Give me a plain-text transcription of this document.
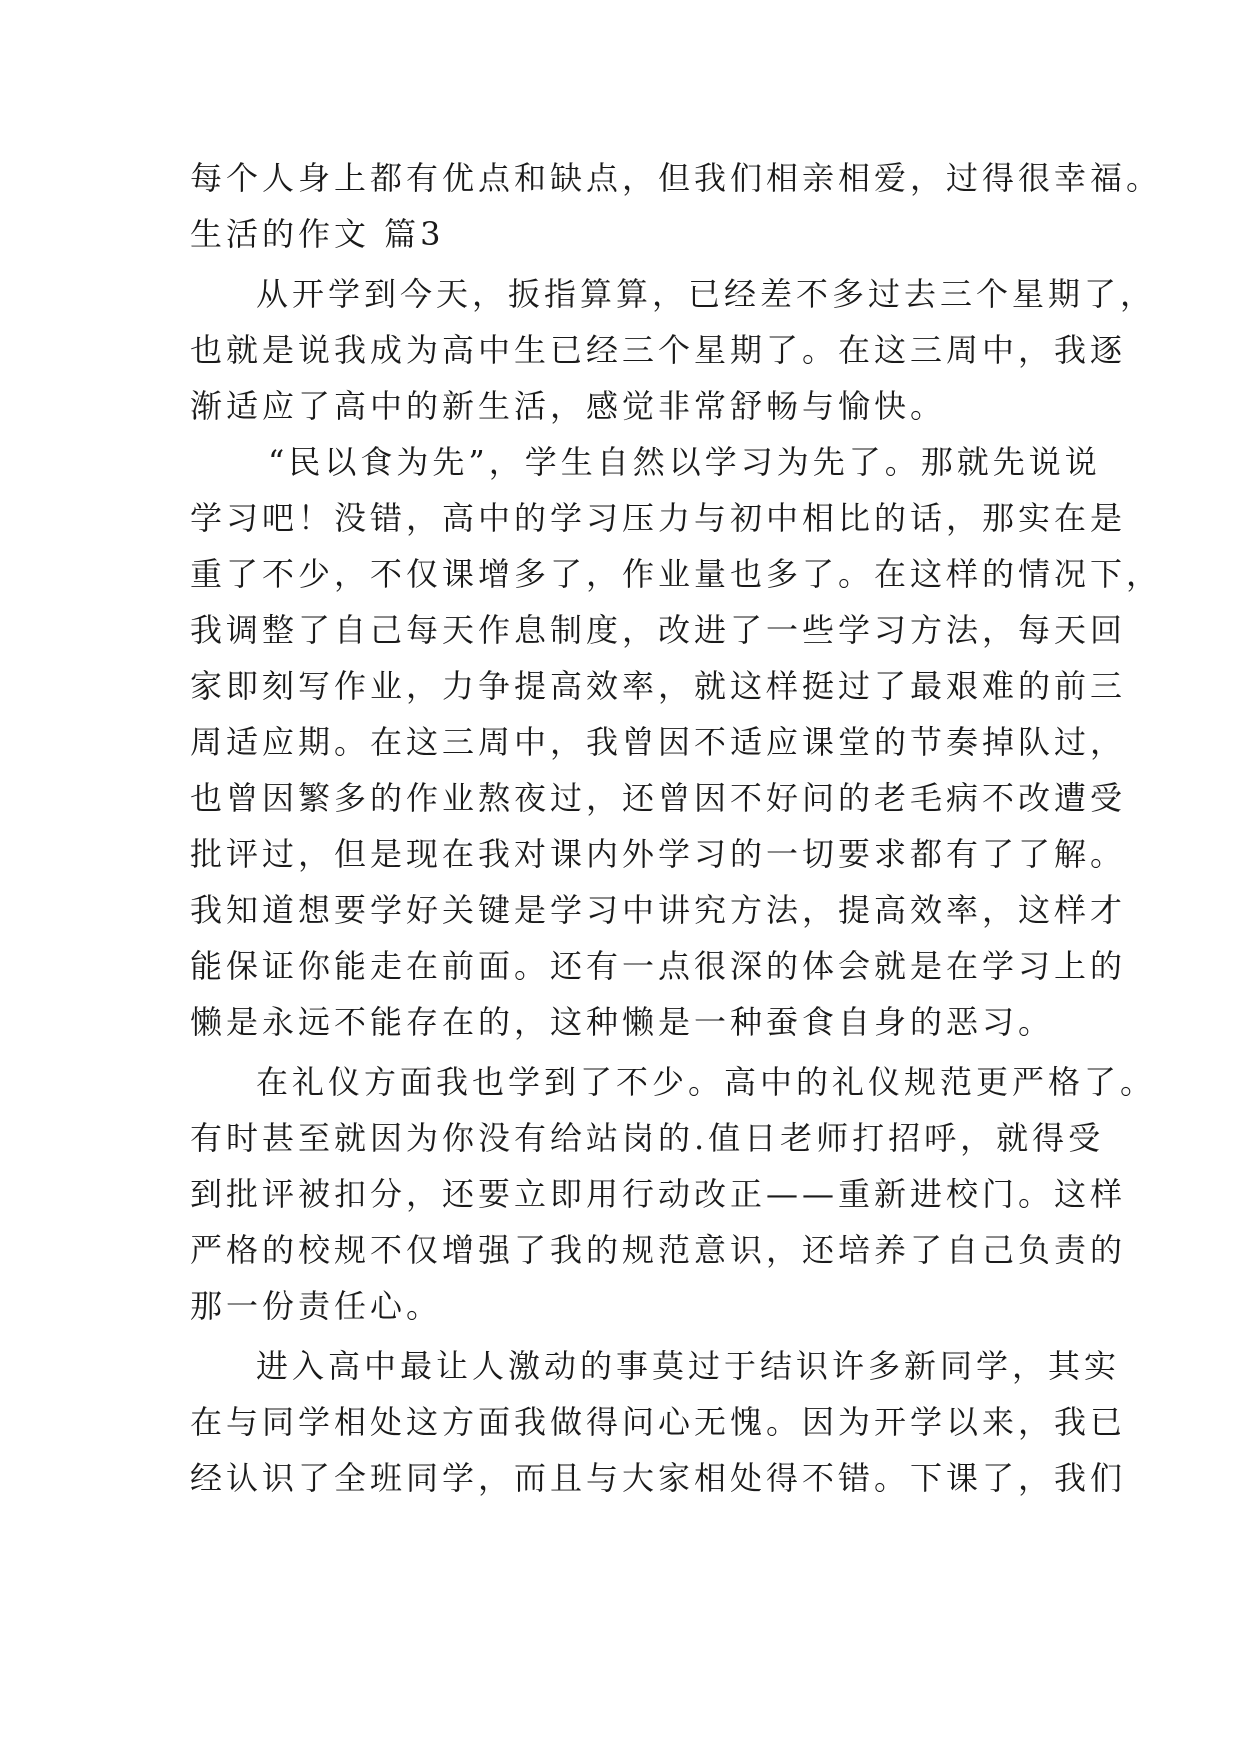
每个人身上都有优点和缺点，但我们相亲相爱，过得很幸福。
生活的作文 篇3
从开学到今天，扳指算算，已经差不多过去三个星期了，
也就是说我成为高中生已经三个星期了。在这三周中，我逐
渐适应了高中的新生活，感觉非常舒畅与愉快。
“民以食为先”，学生自然以学习为先了。那就先说说
学习吧！没错，高中的学习压力与初中相比的话，那实在是
重了不少，不仅课增多了，作业量也多了。在这样的情况下，
我调整了自己每天作息制度，改进了一些学习方法，每天回
家即刻写作业，力争提高效率，就这样挺过了最艰难的前三
周适应期。在这三周中，我曾因不适应课堂的节奏掉队过，
也曾因繁多的作业熬夜过，还曾因不好问的老毛病不改遭受
批评过，但是现在我对课内外学习的一切要求都有了了解。
我知道想要学好关键是学习中讲究方法，提高效率，这样才
能保证你能走在前面。还有一点很深的体会就是在学习上的
懒是永远不能存在的，这种懒是一种蚕食自身的恶习。
在礼仪方面我也学到了不少。高中的礼仪规范更严格了。
有时甚至就因为你没有给站岗的.值日老师打招呼，就得受
到批评被扣分，还要立即用行动改正——重新进校门。这样
严格的校规不仅增强了我的规范意识，还培养了自己负责的
那一份责任心。
进入高中最让人激动的事莫过于结识许多新同学，其实
在与同学相处这方面我做得问心无愧。因为开学以来，我已
经认识了全班同学，而且与大家相处得不错。下课了，我们
